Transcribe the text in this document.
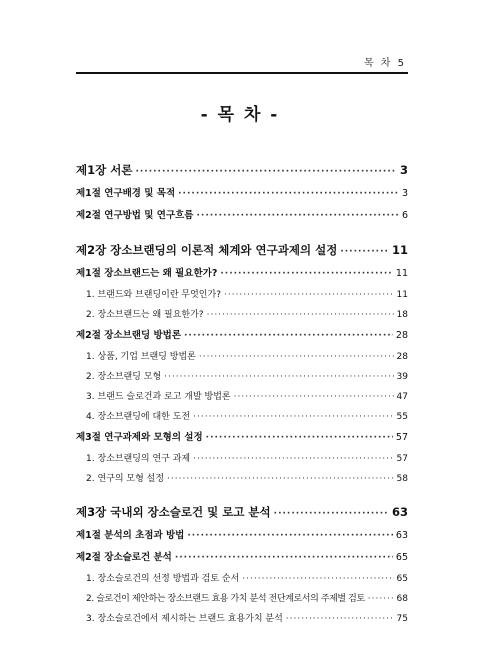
목 차 5
- 목 차 -
제1장 서론 ·····	3
제1절 연구배경 및 목적 ·····	3
제2절 연구방법 및 연구흐름 ·····	6
제2장 장소브랜딩의 이론적 체계와 연구과제의 설정 ·····	11
제1절 장소브랜드는 왜 필요한가? ·····	11
1. 브랜드와 브랜딩이란 무엇인가? ·····	11
2. 장소브랜드는 왜 필요한가? ·····	18
제2절 장소브랜딩 방법론 ·····	28
1. 상품, 기업 브랜딩 방법론 ·····	28
2. 장소브랜딩 모형 ·····	39
3. 브랜드 슬로건과 로고 개발 방법론 ·····	47
4. 장소브랜딩에 대한 도전 ·····	55
제3절 연구과제와 모형의 설정 ·····	57
1. 장소브랜딩의 연구 과제 ·····	57
2. 연구의 모형 설정 ·····	58
제3장 국내외 장소슬로건 및 로고 분석 ·····	63
제1절 분석의 초점과 방법 ·····	63
제2절 장소슬로건 분석 ·····	65
1. 장소슬로건의 선정 방법과 검토 순서 ·····	65
2. 슬로건이 제안하는 장소브랜드 효용 가치 분석 전단계로서의 주제별 검토 ·····	68
3. 장소슬로건에서 제시하는 브랜드 효용가치 분석 ·····	75
